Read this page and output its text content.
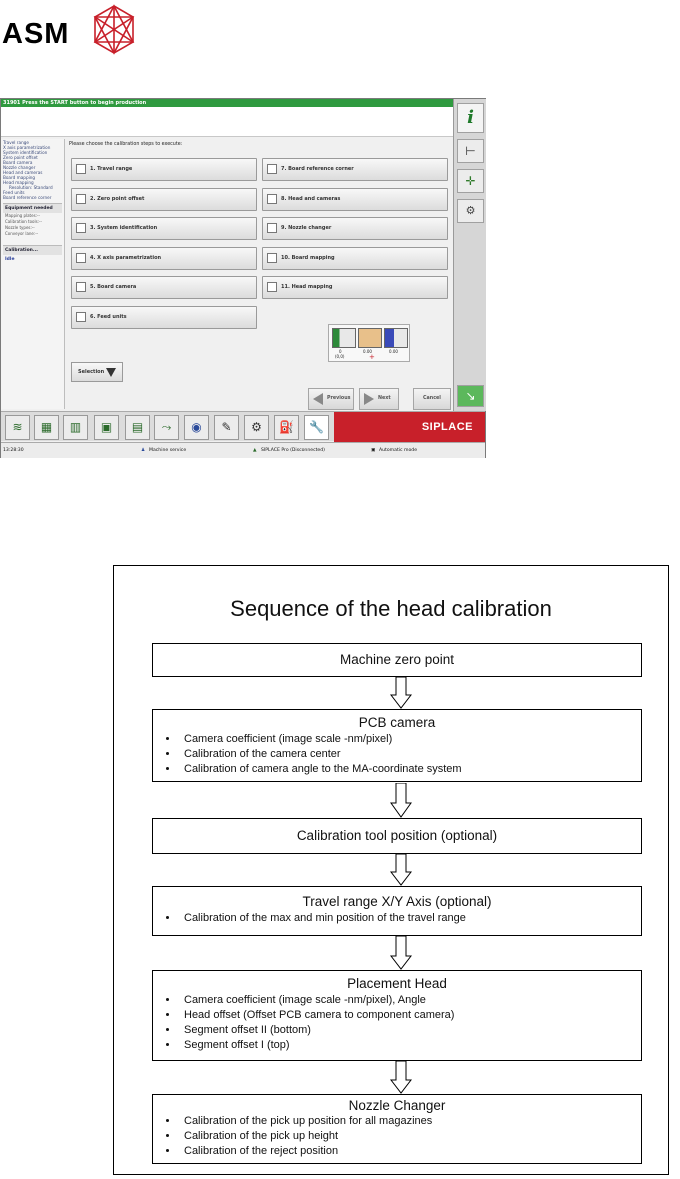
ASM
31901 Press the START button to begin production
i
⊢
✛
⚙
↘
Travel range
X axis parametrization
System identification
Zero point offset
Board camera
Nozzle changer
Head and cameras
Board mapping
Head mapping
Resolution: Standard
Feed units
Board reference corner
Equipment needed
Mapping plates:--
Calibration tools:--
Nozzle types:--
Conveyor lane:--
Calibration...
Idle
Please choose the calibration steps to execute:
1. Travel range
2. Zero point offset
3. System identification
4. X axis parametrization
5. Board camera
6. Feed units
7. Board reference corner
8. Head and cameras
9. Nozzle changer
10. Board mapping
11. Head mapping
Selection
0	0.00	0.00
(0,0)	+
Previous	Next	Cancel
≋	▦	▥	▣	▤	⤳	◉	✎	⚙	⛽	🔧	SIPLACE
13:28:30	♟ Machine service	▲ SIPLACE Pro (Disconnected)	▣ Automatic mode
Sequence of the head calibration
Machine zero point
PCB camera
• Camera coefficient (image scale -nm/pixel)
• Calibration of the camera center
• Calibration of camera angle to the MA-coordinate system
Calibration tool position (optional)
Travel range X/Y Axis (optional)
• Calibration of the max and min position of the travel range
Placement Head
• Camera coefficient (image scale -nm/pixel), Angle
• Head offset (Offset PCB camera to component camera)
• Segment offset II (bottom)
• Segment offset I (top)
Nozzle Changer
• Calibration of the pick up position for all magazines
• Calibration of the pick up height
• Calibration of the reject position
